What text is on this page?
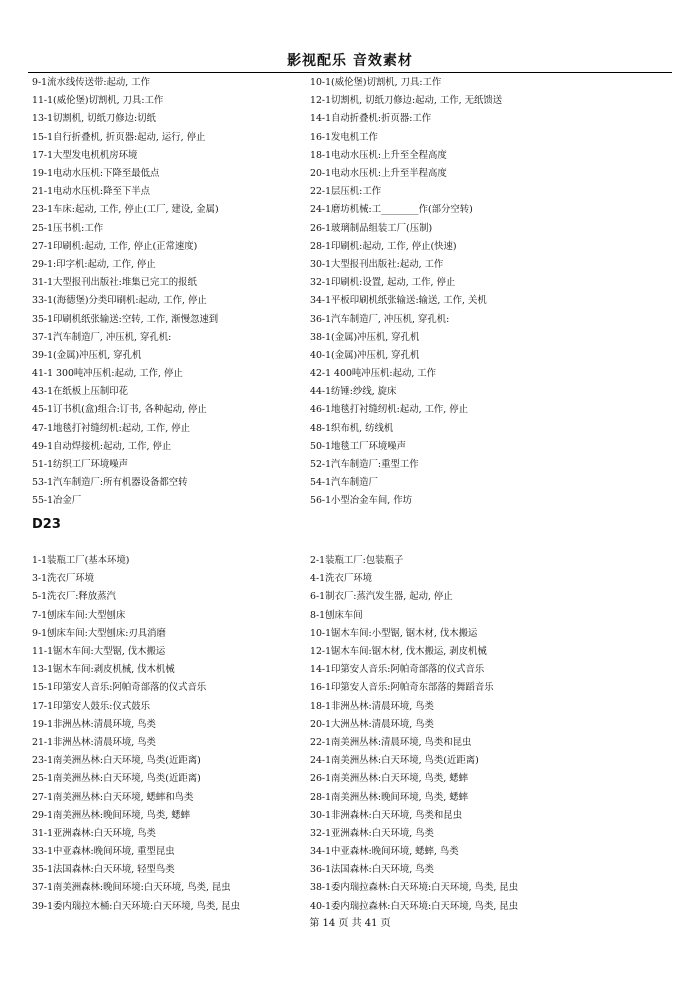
影视配乐 音效素材
9-1流水线传送带:起动, 工作	10-1(威伦堡)切割机, 刀具:工作
11-1(威伦堡)切割机, 刀具:工作	12-1切割机, 切纸刀修边:起动, 工作, 无纸馈送
13-1切割机, 切纸刀修边:切纸	14-1自动折叠机:折页器:工作
15-1自行折叠机, 折页器:起动, 运行, 停止	16-1发电机工作
17-1大型发电机机房环境	18-1电动水压机:上升至全程高度
19-1电动水压机:下降至最低点	20-1电动水压机:上升至半程高度
21-1电动水压机:降至下半点	22-1层压机:工作
23-1车床:起动, 工作, 停止(工厂, 建设, 金属)	24-1磨坊机械:工________作(部分空转)
25-1压书机:工作	26-1玻璃制品组装工厂(压制)
27-1印刷机:起动, 工作, 停止(正常速度)	28-1印刷机:起动, 工作, 停止(快速)
29-1:印字机:起动, 工作, 停止	30-1大型报刊出版社:起动, 工作
31-1大型报刊出版社:堆集已完工的报纸	32-1印刷机:设置, 起动, 工作, 停止
33-1(海德堡)分类印刷机:起动, 工作, 停止	34-1平板印刷机纸张输送:输送, 工作, 关机
35-1印刷机纸张输送:空转, 工作, 渐慢忽速到	36-1汽车制造厂, 冲压机, 穿孔机:
37-1汽车制造厂, 冲压机, 穿孔机:	38-1(金属)冲压机, 穿孔机
39-1(金属)冲压机, 穿孔机	40-1(金属)冲压机, 穿孔机
41-1 300吨冲压机:起动, 工作, 停止	42-1 400吨冲压机:起动, 工作
43-1在纸板上压制印花	44-1纺锤:纱线, 旋床
45-1订书机(盒)组合:订书, 各种起动, 停止	46-1地毯打衬缝纫机:起动, 工作, 停止
47-1地毯打衬缝纫机:起动, 工作, 停止	48-1织布机, 纺线机
49-1自动焊接机:起动, 工作, 停止	50-1地毯工厂环境噪声
51-1纺织工厂环境噪声	52-1汽车制造厂:重型工作
53-1汽车制造厂:所有机器设备都空转	54-1汽车制造厂
55-1冶金厂	56-1小型冶金车间, 作坊
D23
1-1装瓶工厂(基本环境)	2-1装瓶工厂:包装瓶子
3-1洗衣厂环境	4-1洗衣厂环境
5-1洗衣厂:释放蒸汽	6-1制衣厂:蒸汽发生器, 起动, 停止
7-1刨床车间:大型刨床	8-1刨床车间
9-1刨床车间:大型刨床:刃具消磨	10-1锯木车间:小型锯, 锯木材, 伐木搬运
11-1锯木车间:大型锯, 伐木搬运	12-1锯木车间:锯木材, 伐木搬运, 剥皮机械
13-1锯木车间:剥皮机械, 伐木机械	14-1印第安人音乐:阿帕奇部落的仪式音乐
15-1印第安人音乐:阿帕奇部落的仪式音乐	16-1印第安人音乐:阿帕奇东部落的舞蹈音乐
17-1印第安人鼓乐:仪式鼓乐	18-1非洲丛林:清晨环境, 鸟类
19-1非洲丛林:清晨环境, 鸟类	20-1大洲丛林:清晨环境, 鸟类
21-1非洲丛林:清晨环境, 鸟类	22-1南美洲丛林:清晨环境, 鸟类和昆虫
23-1南美洲丛林:白天环境, 鸟类(近距离)	24-1南美洲丛林:白天环境, 鸟类(近距离)
25-1南美洲丛林:白天环境, 鸟类(近距离)	26-1南美洲丛林:白天环境, 鸟类, 蟋蟀
27-1南美洲丛林:白天环境, 蟋蟀和鸟类	28-1南美洲丛林:晚间环境, 鸟类, 蟋蟀
29-1南美洲丛林:晚间环境, 鸟类, 蟋蟀	30-1非洲森林:白天环境, 鸟类和昆虫
31-1亚洲森林:白天环境, 鸟类	32-1亚洲森林:白天环境, 鸟类
33-1中亚森林:晚间环境, 重型昆虫	34-1中亚森林:晚间环境, 蟋蟀, 鸟类
35-1法国森林:白天环境, 轻型鸟类	36-1法国森林:白天环境, 鸟类
37-1南美洲森林:晚间环境:白天环境, 鸟类, 昆虫	38-1委内瑞拉森林:白天环境:白天环境, 鸟类, 昆虫
39-1委内瑞拉木桶:白天环境:白天环境, 鸟类, 昆虫	40-1委内瑞拉森林:白天环境:白天环境, 鸟类, 昆虫
第 14 页 共 41 页
